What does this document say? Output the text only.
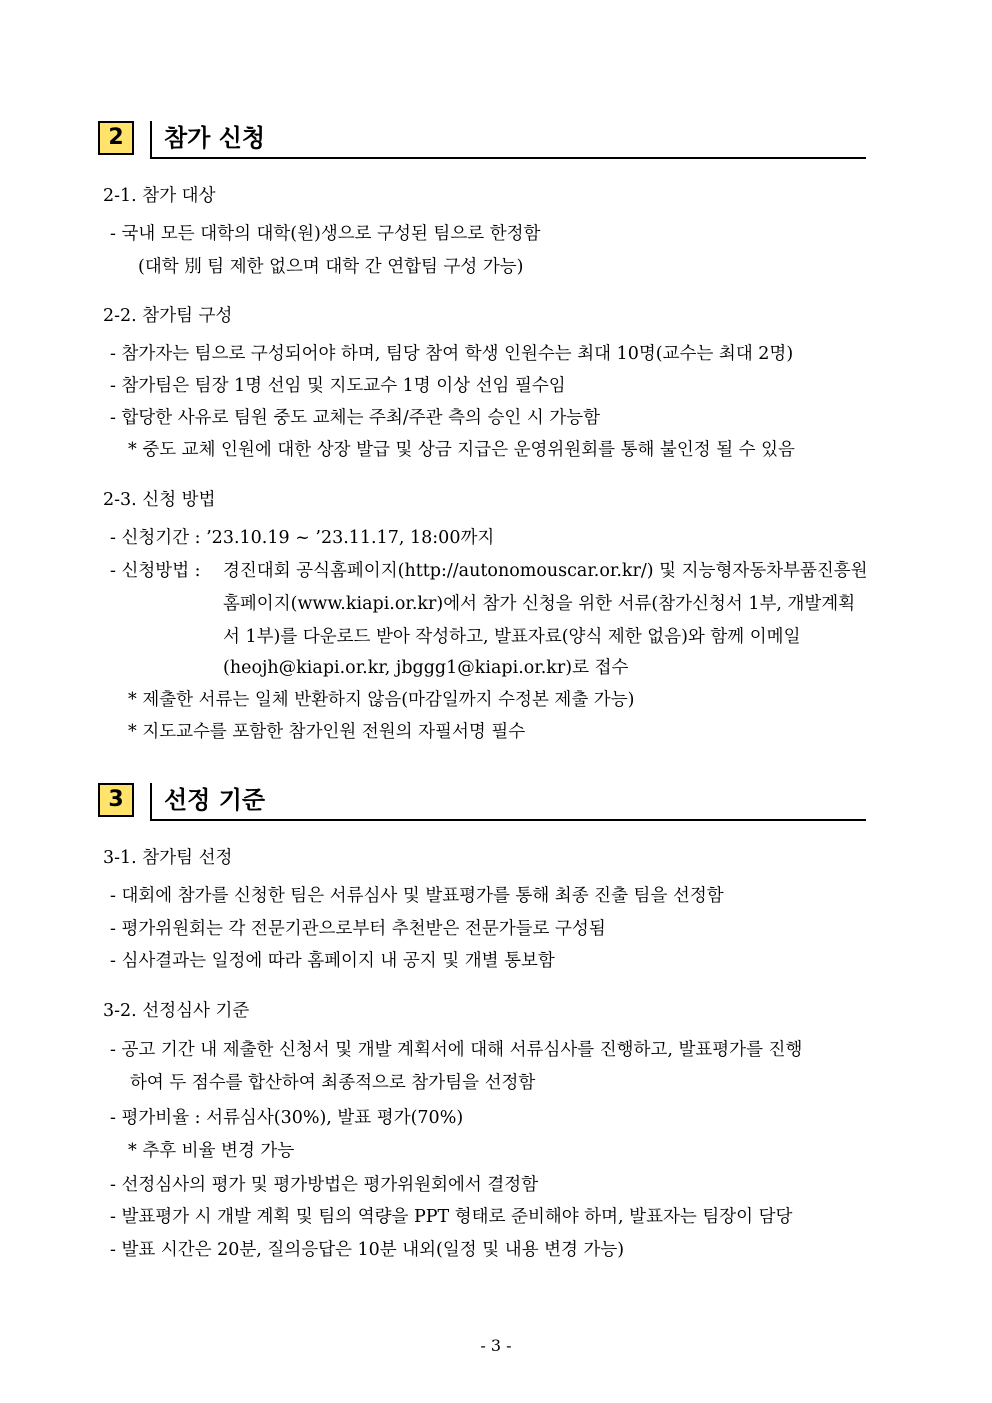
2	참가 신청
2-1. 참가 대상
- 국내 모든 대학의 대학(원)생으로 구성된 팀으로 한정함
(대학 別 팀 제한 없으며 대학 간 연합팀 구성 가능)
2-2. 참가팀 구성
- 참가자는 팀으로 구성되어야 하며, 팀당 참여 학생 인원수는 최대 10명(교수는 최대 2명)
- 참가팀은 팀장 1명 선임 및 지도교수 1명 이상 선임 필수임
- 합당한 사유로 팀원 중도 교체는 주최/주관 측의 승인 시 가능함
* 중도 교체 인원에 대한 상장 발급 및 상금 지급은 운영위원회를 통해 불인정 될 수 있음
2-3. 신청 방법
- 신청기간 : ’23.10.19 ~ ’23.11.17, 18:00까지
- 신청방법 : 경진대회 공식홈페이지(http://autonomouscar.or.kr/) 및 지능형자동차부품진흥원
홈페이지(www.kiapi.or.kr)에서 참가 신청을 위한 서류(참가신청서 1부, 개발계획
서 1부)를 다운로드 받아 작성하고, 발표자료(양식 제한 없음)와 함께 이메일
(heojh@kiapi.or.kr, jbggg1@kiapi.or.kr)로 접수
* 제출한 서류는 일체 반환하지 않음(마감일까지 수정본 제출 가능)
* 지도교수를 포함한 참가인원 전원의 자필서명 필수
3	선정 기준
3-1. 참가팀 선정
- 대회에 참가를 신청한 팀은 서류심사 및 발표평가를 통해 최종 진출 팀을 선정함
- 평가위원회는 각 전문기관으로부터 추천받은 전문가들로 구성됨
- 심사결과는 일정에 따라 홈페이지 내 공지 및 개별 통보함
3-2. 선정심사 기준
- 공고 기간 내 제출한 신청서 및 개발 계획서에 대해 서류심사를 진행하고, 발표평가를 진행
하여 두 점수를 합산하여 최종적으로 참가팀을 선정함
- 평가비율 : 서류심사(30%), 발표 평가(70%)
* 추후 비율 변경 가능
- 선정심사의 평가 및 평가방법은 평가위원회에서 결정함
- 발표평가 시 개발 계획 및 팀의 역량을 PPT 형태로 준비해야 하며, 발표자는 팀장이 담당
- 발표 시간은 20분, 질의응답은 10분 내외(일정 및 내용 변경 가능)
- 3 -
